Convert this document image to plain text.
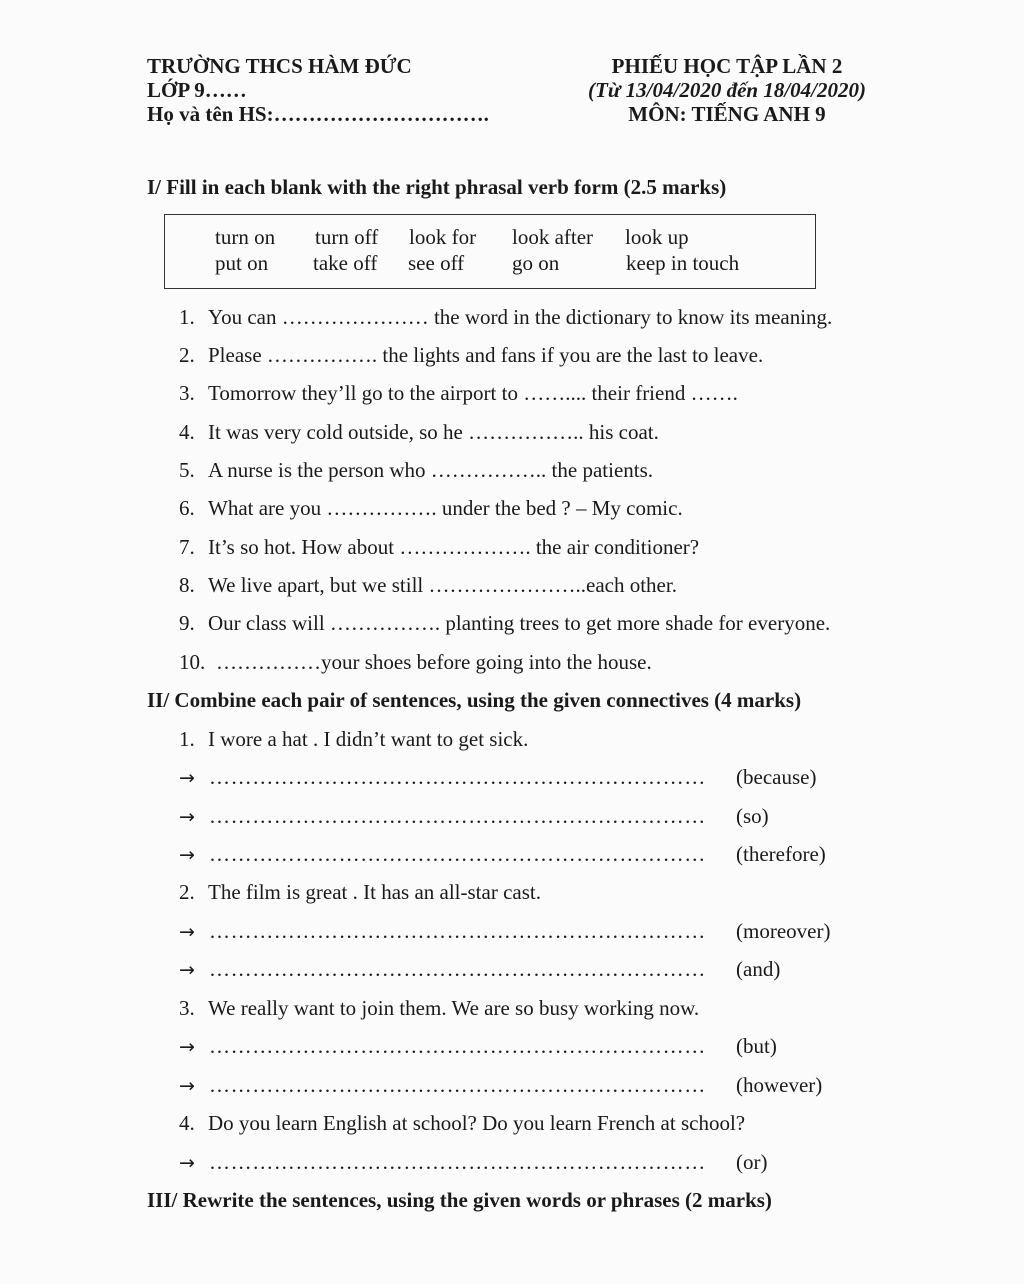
TRƯỜNG THCS HÀM ĐỨC
LỚP 9……
Họ và tên HS:………………………….
PHIẾU HỌC TẬP LẦN 2
(Từ 13/04/2020 đến 18/04/2020)
MÔN: TIẾNG ANH 9
I/ Fill in each blank with the right phrasal verb form (2.5 marks)
turn on	turn off	look for	look after	look up
put on	take off	see off	go on	keep in touch
1. You can ………………… the word in the dictionary to know its meaning.
2. Please ……………. the lights and fans if you are the last to leave.
3. Tomorrow they’ll go to the airport to …….... their friend …….
4. It was very cold outside, so he …………….. his coat.
5. A nurse is the person who …………….. the patients.
6. What are you ……………. under the bed ? – My comic.
7. It’s so hot. How about ………………. the air conditioner?
8. We live apart, but we still …………………..each other.
9. Our class will ……………. planting trees to get more shade for everyone.
10. ……………your shoes before going into the house.
II/ Combine each pair of sentences, using the given connectives (4 marks)
1. I wore a hat . I didn’t want to get sick.
→ ……………………………………………………………	(because)
→ ……………………………………………………………	(so)
→ ……………………………………………………………	(therefore)
2. The film is great . It has an all-star cast.
→ ……………………………………………………………	(moreover)
→ ……………………………………………………………	(and)
3. We really want to join them. We are so busy working now.
→ ……………………………………………………………	(but)
→ ……………………………………………………………	(however)
4. Do you learn English at school? Do you learn French at school?
→ ……………………………………………………………	(or)
III/ Rewrite the sentences, using the given words or phrases (2 marks)
